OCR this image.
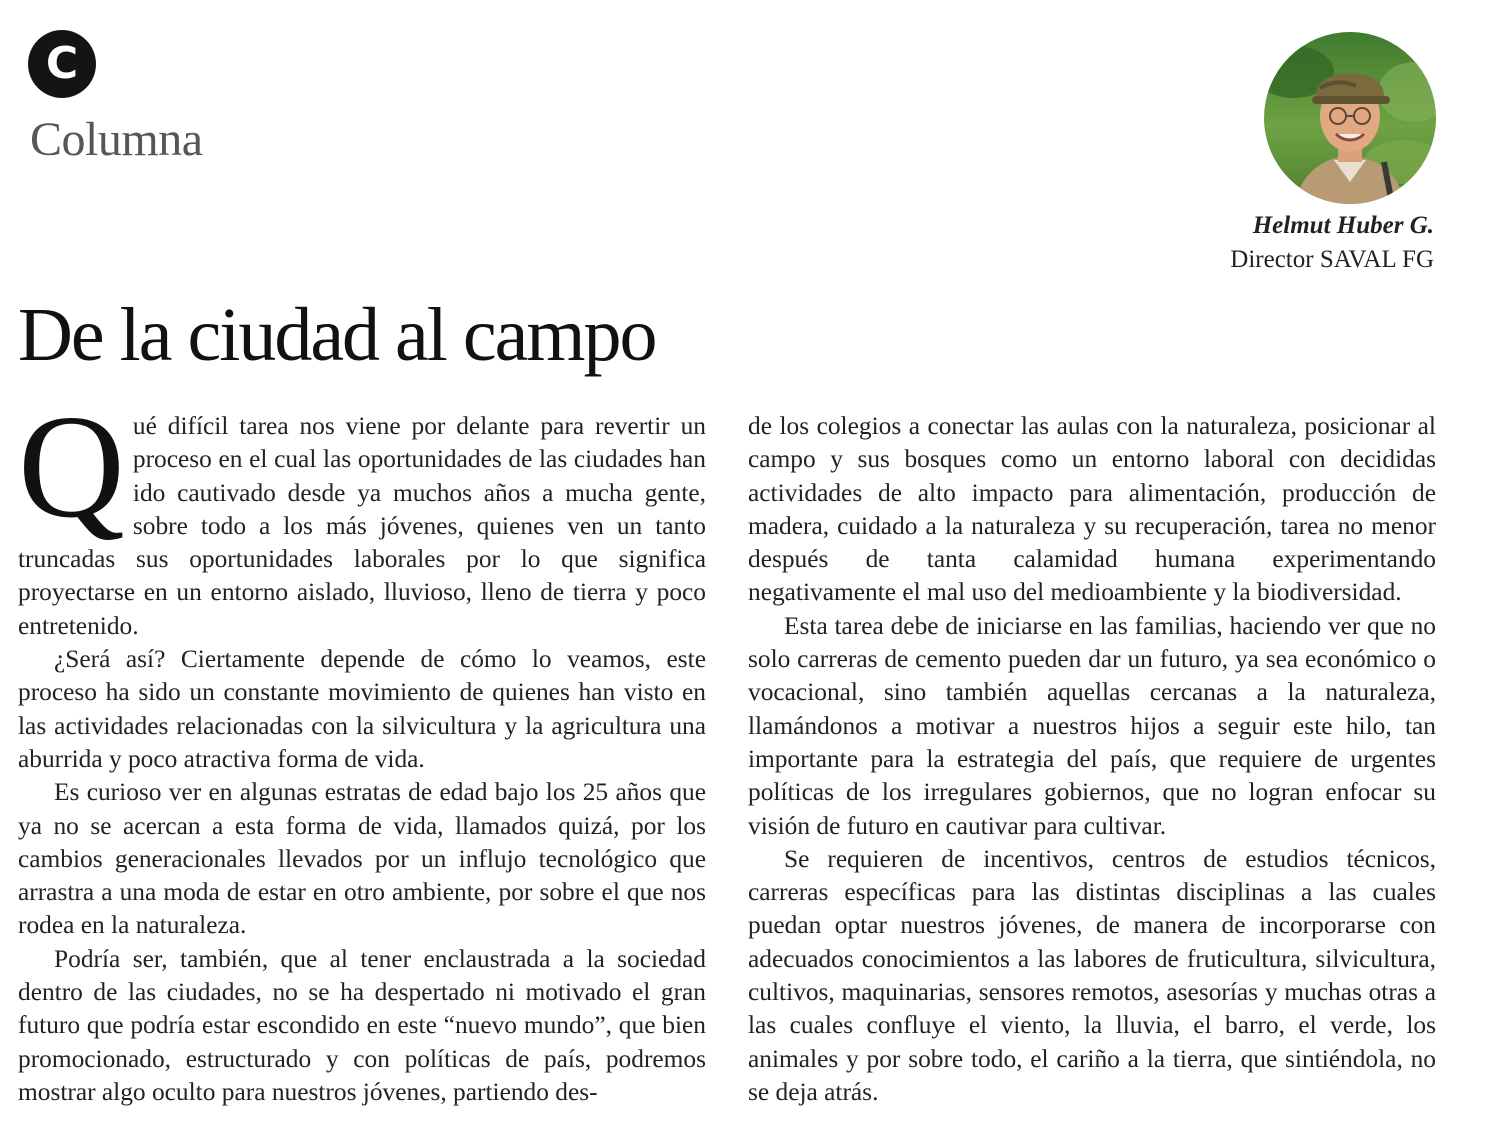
C
Columna
Helmut Huber G.
Director SAVAL FG
De la ciudad al campo

Qué difícil tarea nos viene por delante para revertir un proceso en el cual las oportunidades de las ciudades han ido cautivado desde ya muchos años a mucha gente, sobre todo a los más jóvenes, quienes ven un tanto truncadas sus oportunidades laborales por lo que significa proyectarse en un entorno aislado, lluvioso, lleno de tierra y poco entretenido.

¿Será así? Ciertamente depende de cómo lo veamos, este proceso ha sido un constante movimiento de quienes han visto en las actividades relacionadas con la silvicultura y la agricultura una aburrida y poco atractiva forma de vida.

Es curioso ver en algunas estratas de edad bajo los 25 años que ya no se acercan a esta forma de vida, llamados quizá, por los cambios generacionales llevados por un influjo tecnológico que arrastra a una moda de estar en otro ambiente, por sobre el que nos rodea en la naturaleza.

Podría ser, también, que al tener enclaustrada a la sociedad dentro de las ciudades, no se ha despertado ni motivado el gran futuro que podría estar escondido en este “nuevo mundo”, que bien promocionado, estructurado y con políticas de país, podremos mostrar algo oculto para nuestros jóvenes, partiendo des-

de los colegios a conectar las aulas con la naturaleza, posicionar al campo y sus bosques como un entorno laboral con decididas actividades de alto impacto para alimentación, producción de madera, cuidado a la naturaleza y su recuperación, tarea no menor después de tanta calamidad humana experimentando negativamente el mal uso del medioambiente y la biodiversidad.

Esta tarea debe de iniciarse en las familias, haciendo ver que no solo carreras de cemento pueden dar un futuro, ya sea económico o vocacional, sino también aquellas cercanas a la naturaleza, llamándonos a motivar a nuestros hijos a seguir este hilo, tan importante para la estrategia del país, que requiere de urgentes políticas de los irregulares gobiernos, que no logran enfocar su visión de futuro en cautivar para cultivar.

Se requieren de incentivos, centros de estudios técnicos, carreras específicas para las distintas disciplinas a las cuales puedan optar nuestros jóvenes, de manera de incorporarse con adecuados conocimientos a las labores de fruticultura, silvicultura, cultivos, maquinarias, sensores remotos, asesorías y muchas otras a las cuales confluye el viento, la lluvia, el barro, el verde, los animales y por sobre todo, el cariño a la tierra, que sintiéndola, no se deja atrás.
